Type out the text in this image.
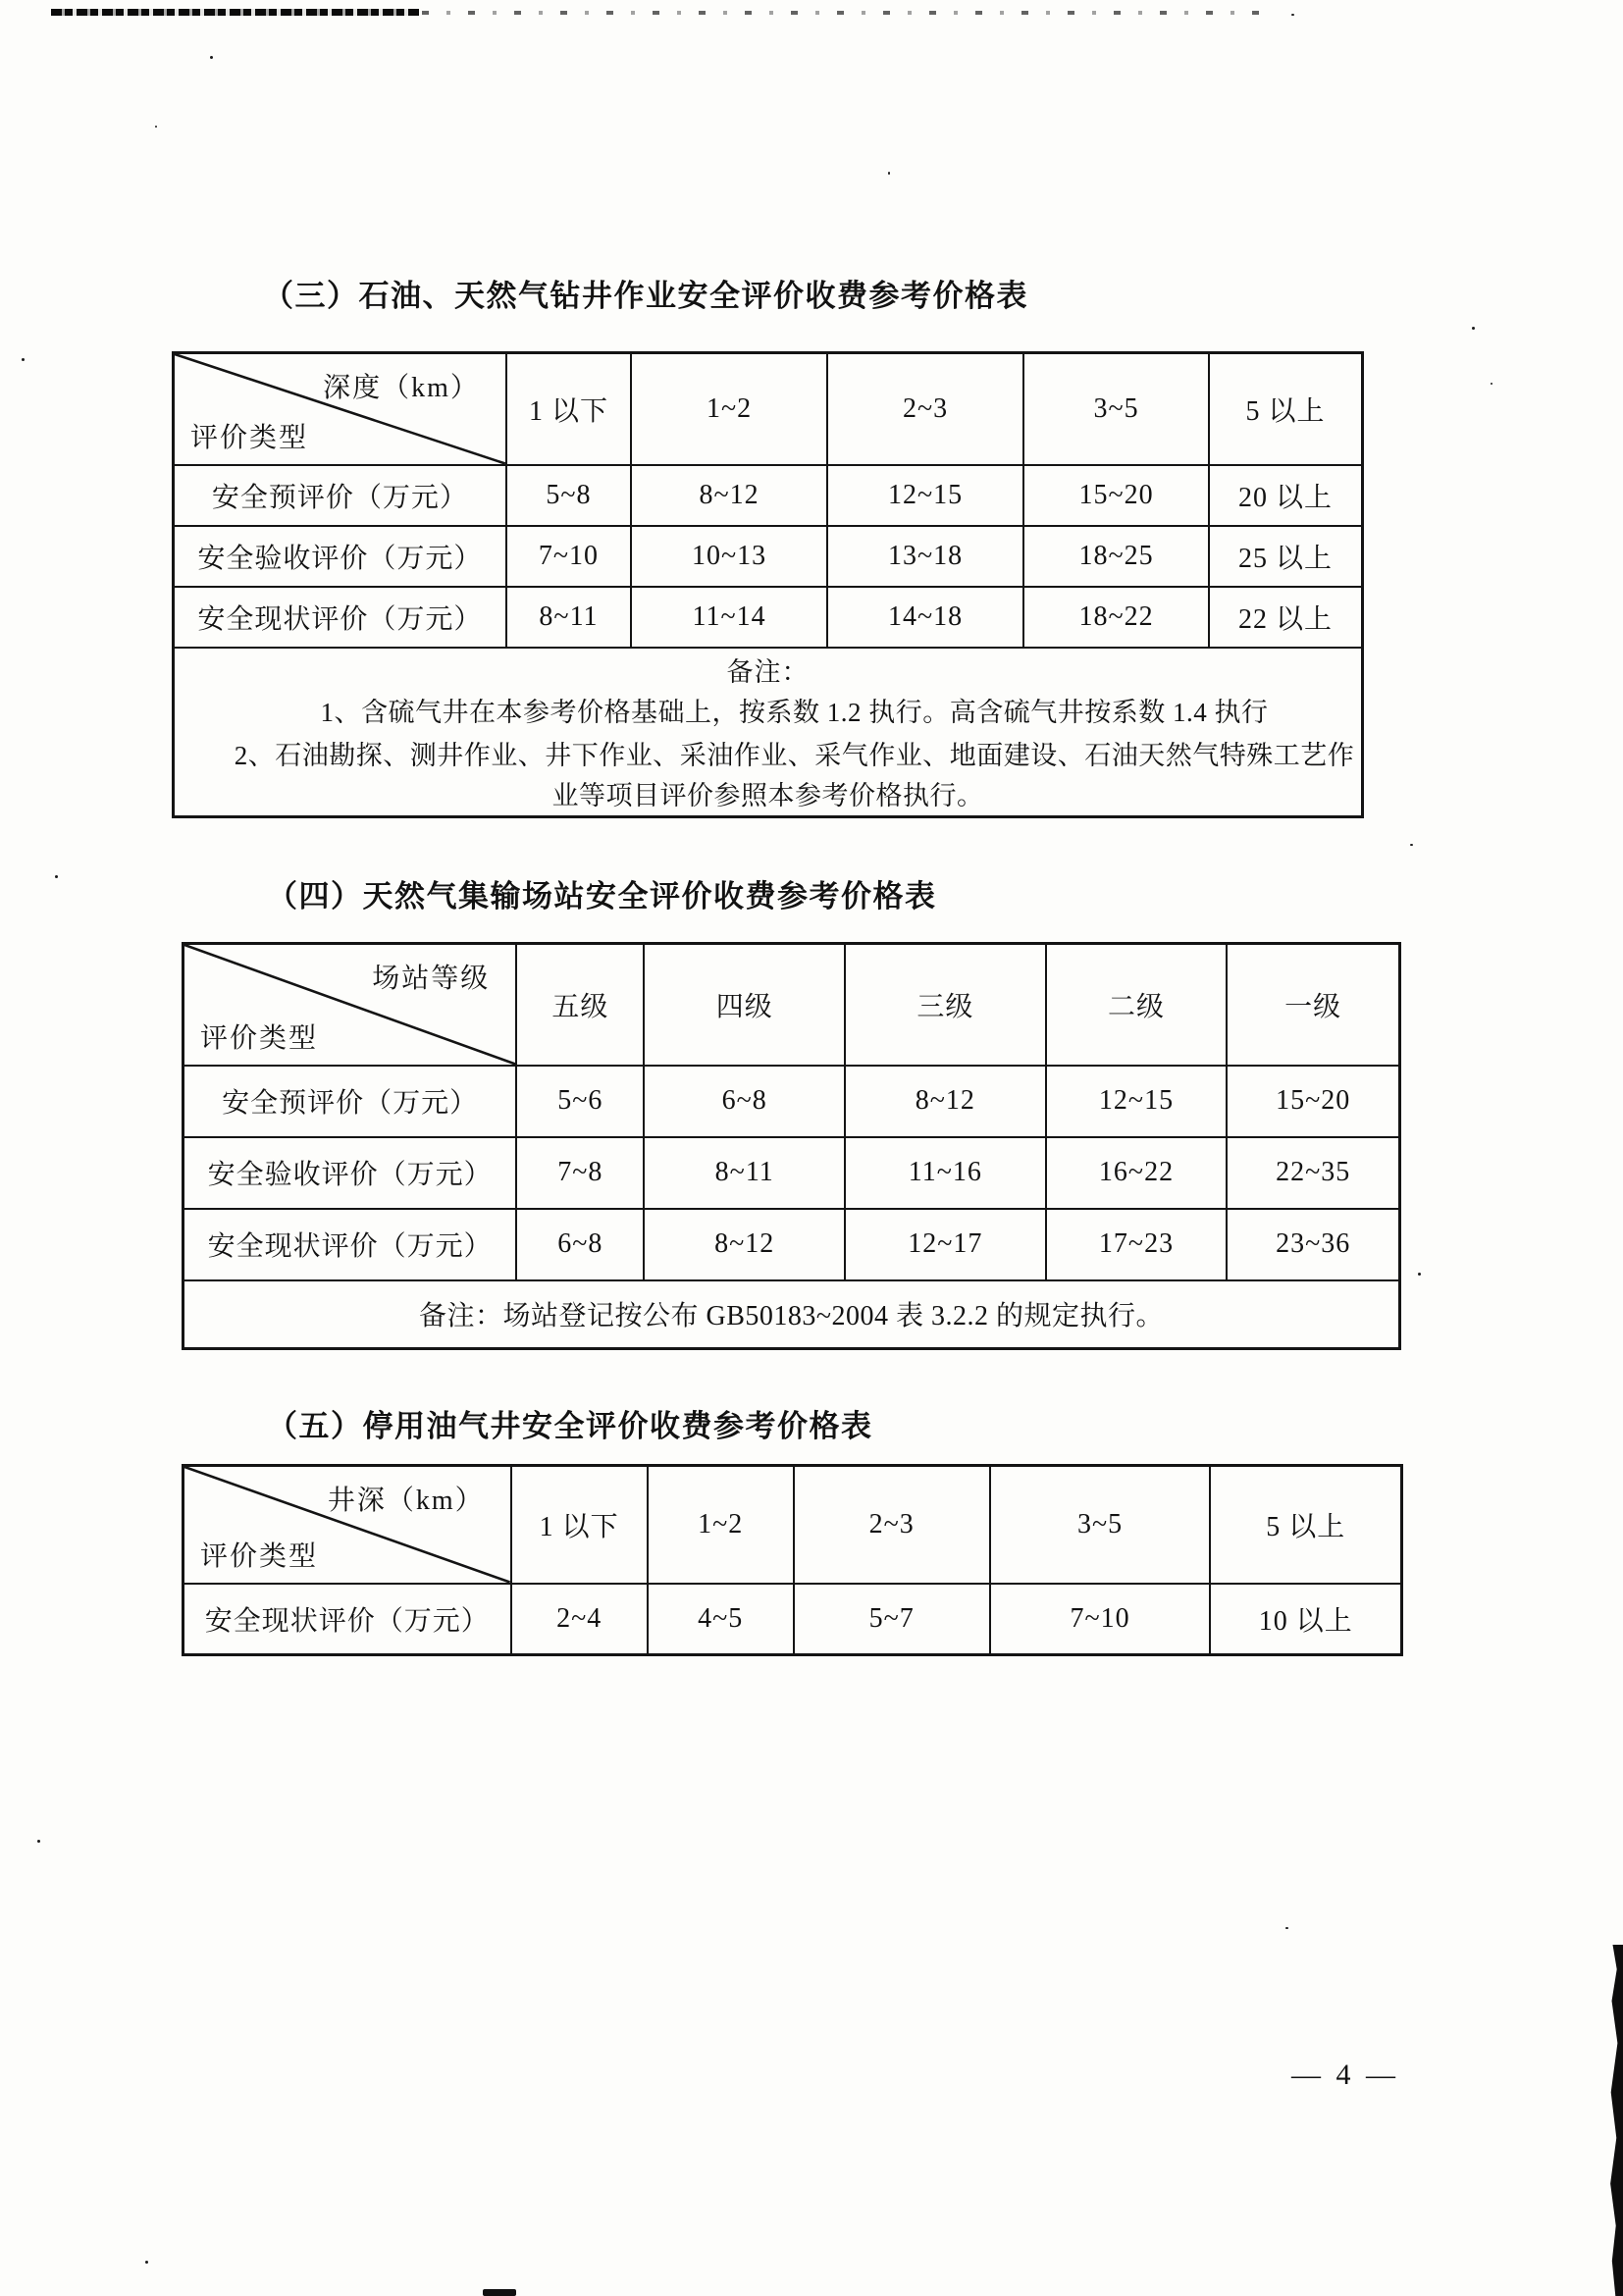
（三）石油、天然气钻井作业安全评价收费参考价格表
深度（km）
评价类型	1 以下	1~2	2~3	3~5	5 以上
安全预评价（万元）	5~8	8~12	12~15	15~20	20 以上
安全验收评价（万元）	7~10	10~13	13~18	18~25	25 以上
安全现状评价（万元）	8~11	11~14	14~18	18~22	22 以上

备注：

1、含硫气井在本参考价格基础上，按系数 1.2 执行。高含硫气井按系数 1.4 执行

2、石油勘探、测井作业、井下作业、采油作业、采气作业、地面建设、石油天然气特殊工艺作业等项目评价参照本参考价格执行。					

（四）天然气集输场站安全评价收费参考价格表
场站等级
评价类型	五级	四级	三级	二级	一级
安全预评价（万元）	5~6	6~8	8~12	12~15	15~20
安全验收评价（万元）	7~8	8~11	11~16	16~22	22~35
安全现状评价（万元）	6~8	8~12	12~17	17~23	23~36

备注：场站登记按公布 GB50183~2004 表 3.2.2 的规定执行。					

（五）停用油气井安全评价收费参考价格表
井深（km）
评价类型	1 以下	1~2	2~3	3~5	5 以上
安全现状评价（万元）	2~4	4~5	5~7	7~10	10 以上
— 4 —
